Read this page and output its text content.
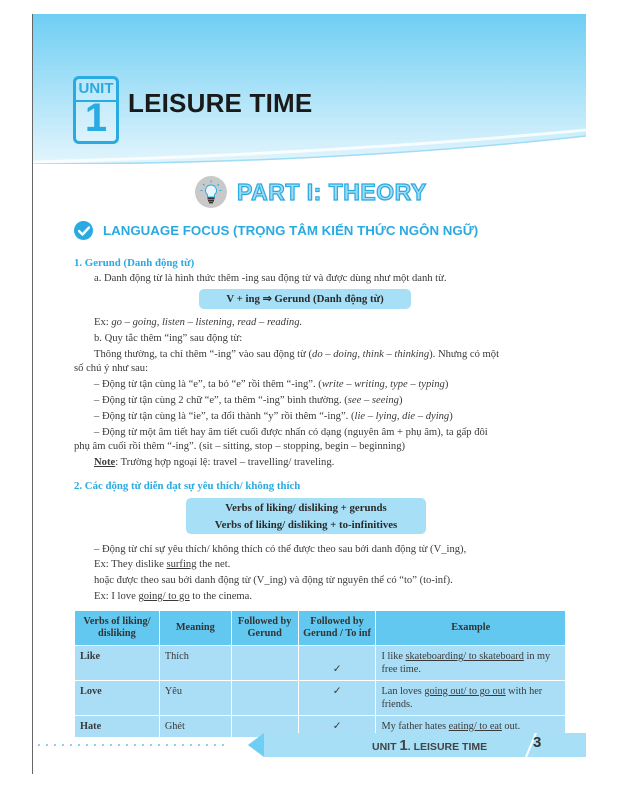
UNIT
1 LEISURE TIME
PART I: THEORY
LANGUAGE FOCUS (TRỌNG TÂM KIẾN THỨC NGÔN NGỮ)
1. Gerund (Danh động từ)
a. Danh động từ là hình thức thêm -ing sau động từ và được dùng như một danh từ.
V + ing ⇒ Gerund (Danh động từ)
Ex: go – going, listen – listening, read – reading.
b. Quy tắc thêm “ing” sau động từ:
Thông thường, ta chỉ thêm “-ing” vào sau động từ (do – doing, think – thinking). Nhưng có một
số chú ý như sau:
– Động từ tận cùng là “e”, ta bỏ “e” rồi thêm “-ing”. (write – writing, type – typing)
– Động từ tận cùng 2 chữ “e”, ta thêm “-ing” bình thường. (see – seeing)
– Động từ tận cùng là “ie”, ta đổi thành “y” rồi thêm “-ing”. (lie – lying, die – dying)
– Động từ một âm tiết hay âm tiết cuối được nhấn có dạng (nguyên âm + phụ âm), ta gấp đôi
phụ âm cuối rồi thêm “-ing”. (sit – sitting, stop – stopping, begin – beginning)
Note: Trường hợp ngoại lệ: travel – travelling/ traveling.
2. Các động từ diễn đạt sự yêu thích/ không thích
Verbs of liking/ disliking + gerunds
Verbs of liking/ disliking + to-infinitives
– Động từ chỉ sự yêu thích/ không thích có thể được theo sau bởi danh động từ (V_ing),
Ex: They dislike surfing the net.
hoặc được theo sau bởi danh động từ (V_ing) và động từ nguyên thể có “to” (to-inf).
Ex: I love going/ to go to the cinema.
Verbs of liking/ disliking	Meaning	Followed by Gerund	Followed by Gerund / To inf	Example
Like	Thích		✓	I like skateboarding/ to skateboard in my free time.
Love	Yêu		✓	Lan loves going out/ to go out with her friends.
Hate	Ghét		✓	My father hates eating/ to eat out.
UNIT 1. LEISURE TIME	3
